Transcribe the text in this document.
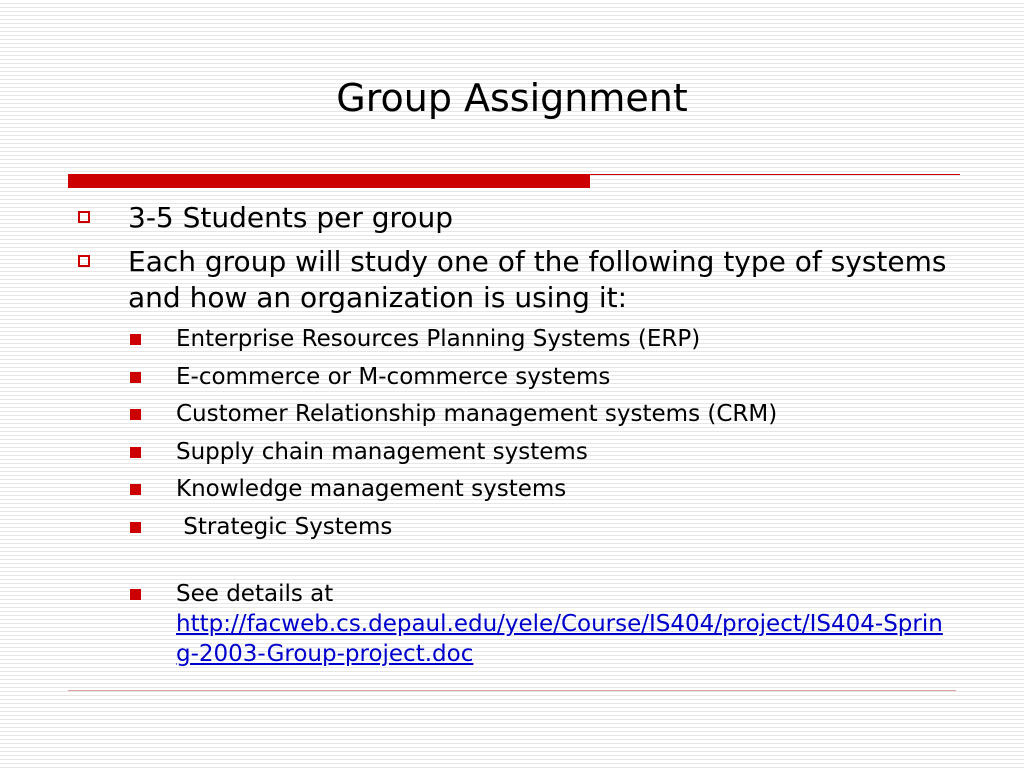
Group Assignment
3-5 Students per group
Each group will study one of the following type of systems and how an organization is using it:
Enterprise Resources Planning Systems (ERP)
E-commerce or M-commerce systems
Customer Relationship management systems (CRM)
Supply chain management systems
Knowledge management systems
Strategic Systems
See details at
http://facweb.cs.depaul.edu/yele/Course/IS404/project/IS404-Spring-2003-Group-project.doc
